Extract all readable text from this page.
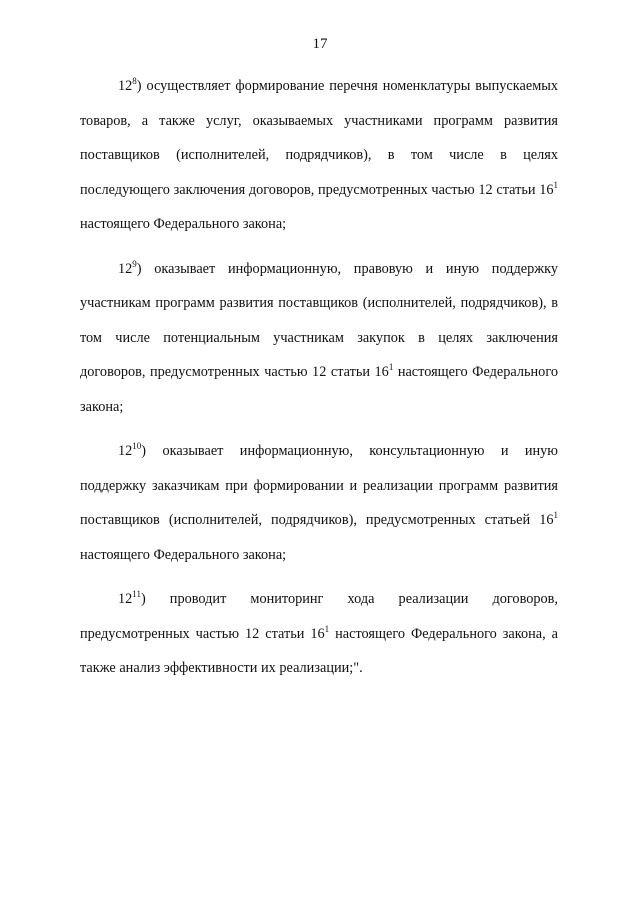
17

$12^8$) осуществляет формирование перечня номенклатуры выпускаемых товаров, а также услуг, оказываемых участниками программ развития поставщиков (исполнителей, подрядчиков), в том числе в целях последующего заключения договоров, предусмотренных частью 12 статьи $16^1$ настоящего Федерального закона;

$12^9$) оказывает информационную, правовую и иную поддержку участникам программ развития поставщиков (исполнителей, подрядчиков), в том числе потенциальным участникам закупок в целях заключения договоров, предусмотренных частью 12 статьи $16^1$ настоящего Федерального закона;

$12^{10}$) оказывает информационную, консультационную и иную поддержку заказчикам при формировании и реализации программ развития поставщиков (исполнителей, подрядчиков), предусмотренных статьей $16^1$ настоящего Федерального закона;

$12^{11}$) проводит мониторинг хода реализации договоров, предусмотренных частью 12 статьи $16^1$ настоящего Федерального закона, а также анализ эффективности их реализации;".
